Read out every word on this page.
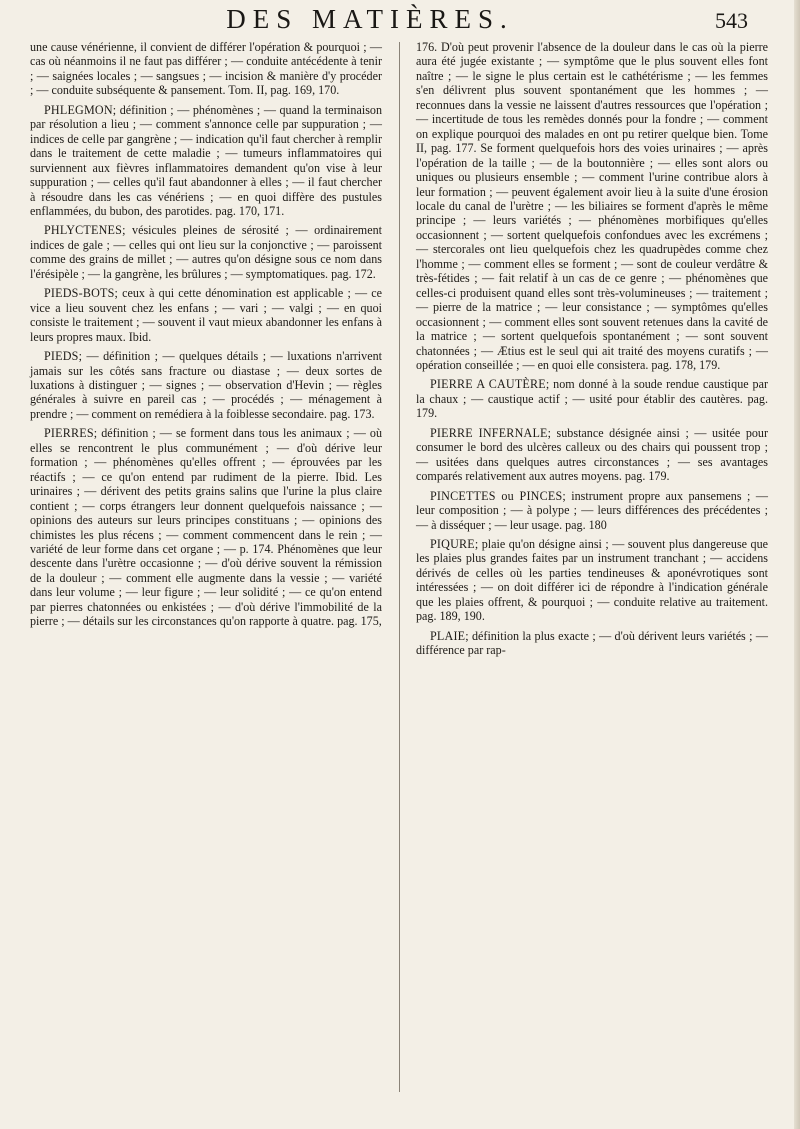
DES MATIÈRES.	543

une cause vénérienne, il convient de différer l'opération & pourquoi ; — cas où néanmoins il ne faut pas différer ; — conduite antécédente à tenir ; — saignées locales ; — sangsues ; — incision & manière d'y procéder ; — conduite subséquente & pansement. Tom. II, pag. 169, 170.

PHLEGMON; définition ; — phénomènes ; — quand la terminaison par résolution a lieu ; — comment s'annonce celle par suppuration ; — indices de celle par gangrène ; — indication qu'il faut chercher à remplir dans le traitement de cette maladie ; — tumeurs inflammatoires qui surviennent aux fièvres inflammatoires demandent qu'on vise à leur suppuration ; — celles qu'il faut abandonner à elles ; — il faut chercher à résoudre dans les cas vénériens ; — en quoi diffère des pustules enflammées, du bubon, des parotides. pag. 170, 171.

PHLYCTENES; vésicules pleines de sérosité ; — ordinairement indices de gale ; — celles qui ont lieu sur la conjonctive ; — paroissent comme des grains de millet ; — autres qu'on désigne sous ce nom dans l'érésipèle ; — la gangrène, les brûlures ; — symptomatiques. pag. 172.

PIEDS-BOTS; ceux à qui cette dénomination est applicable ; — ce vice a lieu souvent chez les enfans ; — vari ; — valgi ; — en quoi consiste le traitement ; — souvent il vaut mieux abandonner les enfans à leurs propres maux. Ibid.

PIEDS; — définition ; — quelques détails ; — luxations n'arrivent jamais sur les côtés sans fracture ou diastase ; — deux sortes de luxations à distinguer ; — signes ; — observation d'Hevin ; — règles générales à suivre en pareil cas ; — procédés ; — ménagement à prendre ; — comment on remédiera à la foiblesse secondaire. pag. 173.

PIERRES; définition ; — se forment dans tous les animaux ; — où elles se rencontrent le plus communément ; — d'où dérive leur formation ; — phénomènes qu'elles offrent ; — éprouvées par les réactifs ; — ce qu'on entend par rudiment de la pierre. Ibid. Les urinaires ; — dérivent des petits grains salins que l'urine la plus claire contient ; — corps étrangers leur donnent quelquefois naissance ; — opinions des auteurs sur leurs principes constituans ; — opinions des chimistes les plus récens ; — comment commencent dans le rein ; — variété de leur forme dans cet organe ; — p. 174. Phénomènes que leur descente dans l'urètre occasionne ; — d'où dérive souvent la rémission de la douleur ; — comment elle augmente dans la vessie ; — variété dans leur volume ; — leur figure ; — leur solidité ; — ce qu'on entend par pierres chatonnées ou enkistées ; — d'où dérive l'immobilité de la pierre ; — détails sur les circonstances qu'on rapporte à quatre. pag. 175,

176. D'où peut provenir l'absence de la douleur dans le cas où la pierre aura été jugée existante ; — symptôme que le plus souvent elles font naître ; — le signe le plus certain est le cathétérisme ; — les femmes s'en délivrent plus souvent spontanément que les hommes ; — reconnues dans la vessie ne laissent d'autres ressources que l'opération ; — incertitude de tous les remèdes donnés pour la fondre ; — comment on explique pourquoi des malades en ont pu retirer quelque bien. Tome II, pag. 177. Se forment quelquefois hors des voies urinaires ; — après l'opération de la taille ; — de la boutonnière ; — elles sont alors ou uniques ou plusieurs ensemble ; — comment l'urine contribue alors à leur formation ; — peuvent également avoir lieu à la suite d'une érosion locale du canal de l'urètre ; — les biliaires se forment d'après le même principe ; — leurs variétés ; — phénomènes morbifiques qu'elles occasionnent ; — sortent quelquefois confondues avec les excrémens ; — stercorales ont lieu quelquefois chez les quadrupèdes comme chez l'homme ; — comment elles se forment ; — sont de couleur verdâtre & très-fétides ; — fait relatif à un cas de ce genre ; — phénomènes que celles-ci produisent quand elles sont très-volumineuses ; — traitement ; — pierre de la matrice ; — leur consistance ; — symptômes qu'elles occasionnent ; — comment elles sont souvent retenues dans la cavité de la matrice ; — sortent quelquefois spontanément ; — sont souvent chatonnées ; — Ætius est le seul qui ait traité des moyens curatifs ; — opération conseillée ; — en quoi elle consistera. pag. 178, 179.

PIERRE A CAUTÈRE; nom donné à la soude rendue caustique par la chaux ; — caustique actif ; — usité pour établir des cautères. pag. 179.

PIERRE INFERNALE; substance désignée ainsi ; — usitée pour consumer le bord des ulcères calleux ou des chairs qui poussent trop ; — usitées dans quelques autres circonstances ; — ses avantages comparés relativement aux autres moyens. pag. 179.

PINCETTES ou PINCES; instrument propre aux pansemens ; — leur composition ; — à polype ; — leurs différences des précédentes ; — à disséquer ; — leur usage. pag. 180

PIQURE; plaie qu'on désigne ainsi ; — souvent plus dangereuse que les plaies plus grandes faites par un instrument tranchant ; — accidens dérivés de celles où les parties tendineuses & aponévrotiques sont intéressées ; — on doit différer ici de répondre à l'indication générale que les plaies offrent, & pourquoi ; — conduite relative au traitement. pag. 189, 190.

PLAIE; définition la plus exacte ; — d'où dérivent leurs variétés ; — différence par rap-
